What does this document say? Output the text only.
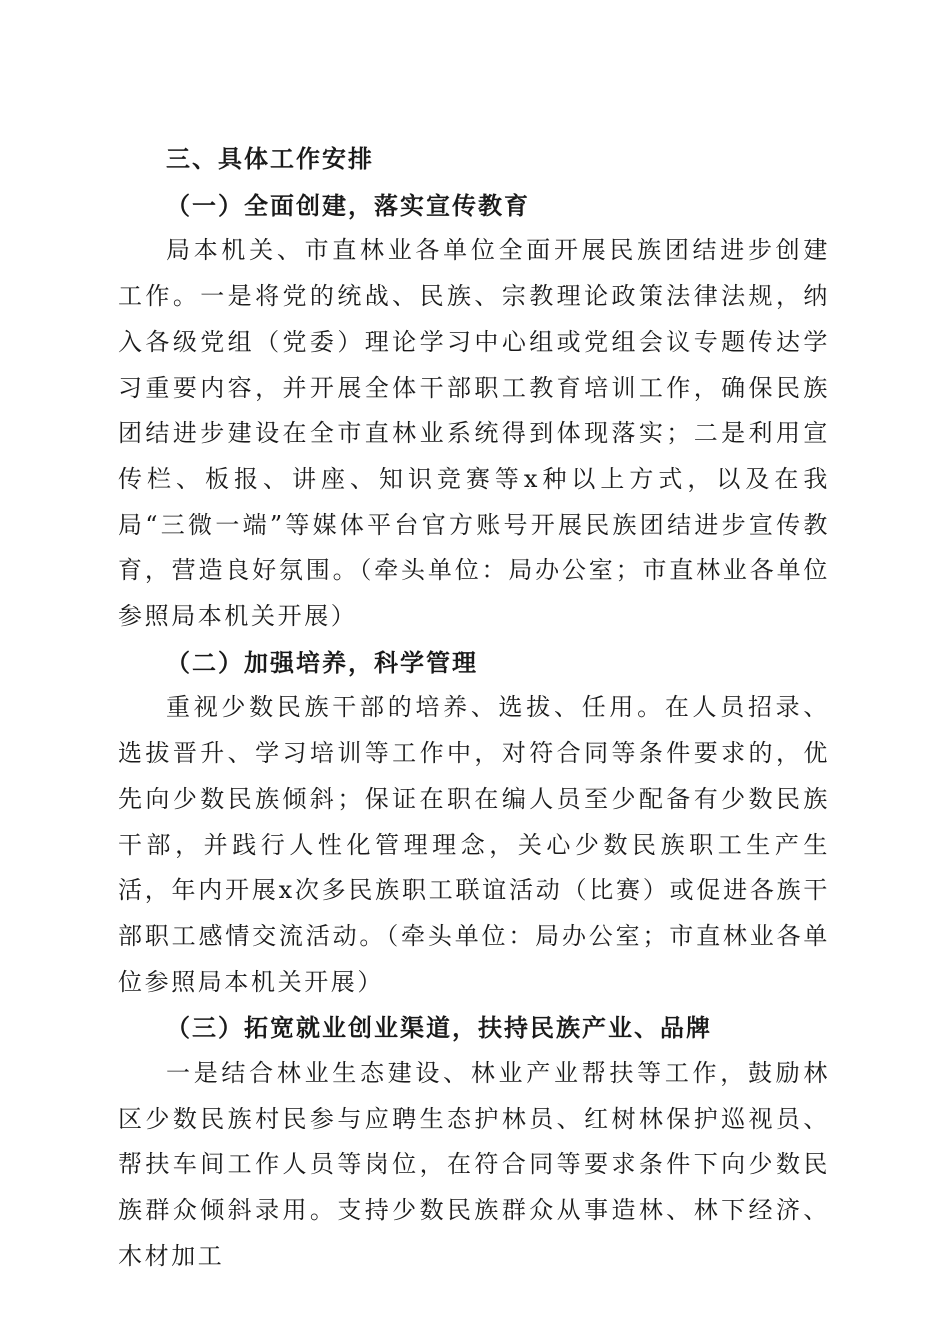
三、具体工作安排

（一）全面创建，落实宣传教育

局本机关、市直林业各单位全面开展民族团结进步创建工作。一是将党的统战、民族、宗教理论政策法律法规，纳入各级党组（党委）理论学习中心组或党组会议专题传达学习重要内容，并开展全体干部职工教育培训工作，确保民族团结进步建设在全市直林业系统得到体现落实；二是利用宣传栏、板报、讲座、知识竞赛等x种以上方式，以及在我局“三微一端”等媒体平台官方账号开展民族团结进步宣传教育，营造良好氛围。（牵头单位：局办公室；市直林业各单位参照局本机关开展）

（二）加强培养，科学管理

重视少数民族干部的培养、选拔、任用。在人员招录、选拔晋升、学习培训等工作中，对符合同等条件要求的，优先向少数民族倾斜；保证在职在编人员至少配备有少数民族干部，并践行人性化管理理念，关心少数民族职工生产生活，年内开展x次多民族职工联谊活动（比赛）或促进各族干部职工感情交流活动。（牵头单位：局办公室；市直林业各单位参照局本机关开展）

（三）拓宽就业创业渠道，扶持民族产业、品牌

一是结合林业生态建设、林业产业帮扶等工作，鼓励林区少数民族村民参与应聘生态护林员、红树林保护巡视员、帮扶车间工作人员等岗位，在符合同等要求条件下向少数民族群众倾斜录用。支持少数民族群众从事造林、林下经济、木材加工
